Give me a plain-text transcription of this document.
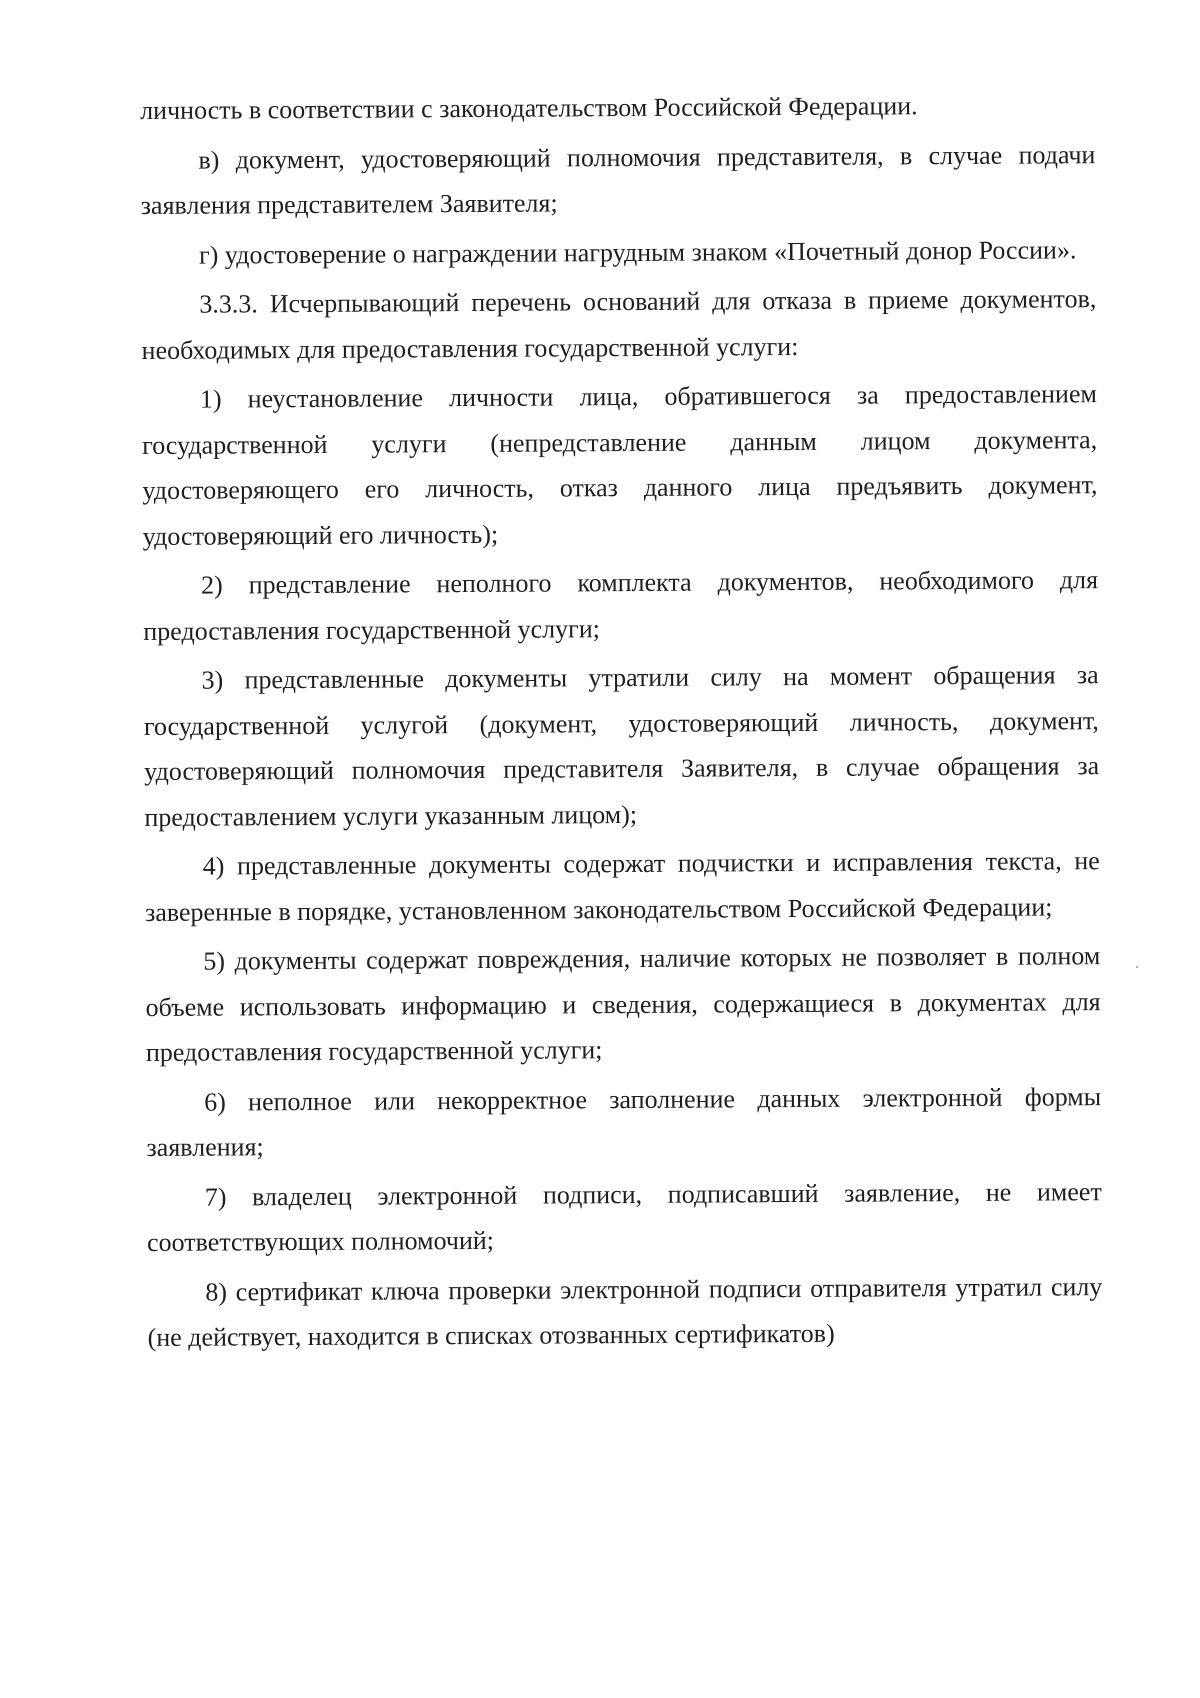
личность в соответствии с законодательством Российской Федерации.

в) документ, удостоверяющий полномочия представителя, в случае подачи заявления представителем Заявителя;

г) удостоверение о награждении нагрудным знаком «Почетный донор России».

3.3.3. Исчерпывающий перечень оснований для отказа в приеме документов, необходимых для предоставления государственной услуги:

1) неустановление личности лица, обратившегося за предоставлением государственной услуги (непредставление данным лицом документа, удостоверяющего его личность, отказ данного лица предъявить документ, удостоверяющий его личность);

2) представление неполного комплекта документов, необходимого для предоставления государственной услуги;

3) представленные документы утратили силу на момент обращения за государственной услугой (документ, удостоверяющий личность, документ, удостоверяющий полномочия представителя Заявителя, в случае обращения за предоставлением услуги указанным лицом);

4) представленные документы содержат подчистки и исправления текста, не заверенные в порядке, установленном законодательством Российской Федерации;

5) документы содержат повреждения, наличие которых не позволяет в полном объеме использовать информацию и сведения, содержащиеся в документах для предоставления государственной услуги;

6) неполное или некорректное заполнение данных электронной формы заявления;

7) владелец электронной подписи, подписавший заявление, не имеет соответствующих полномочий;

8) сертификат ключа проверки электронной подписи отправителя утратил силу (не действует, находится в списках отозванных сертификатов)
